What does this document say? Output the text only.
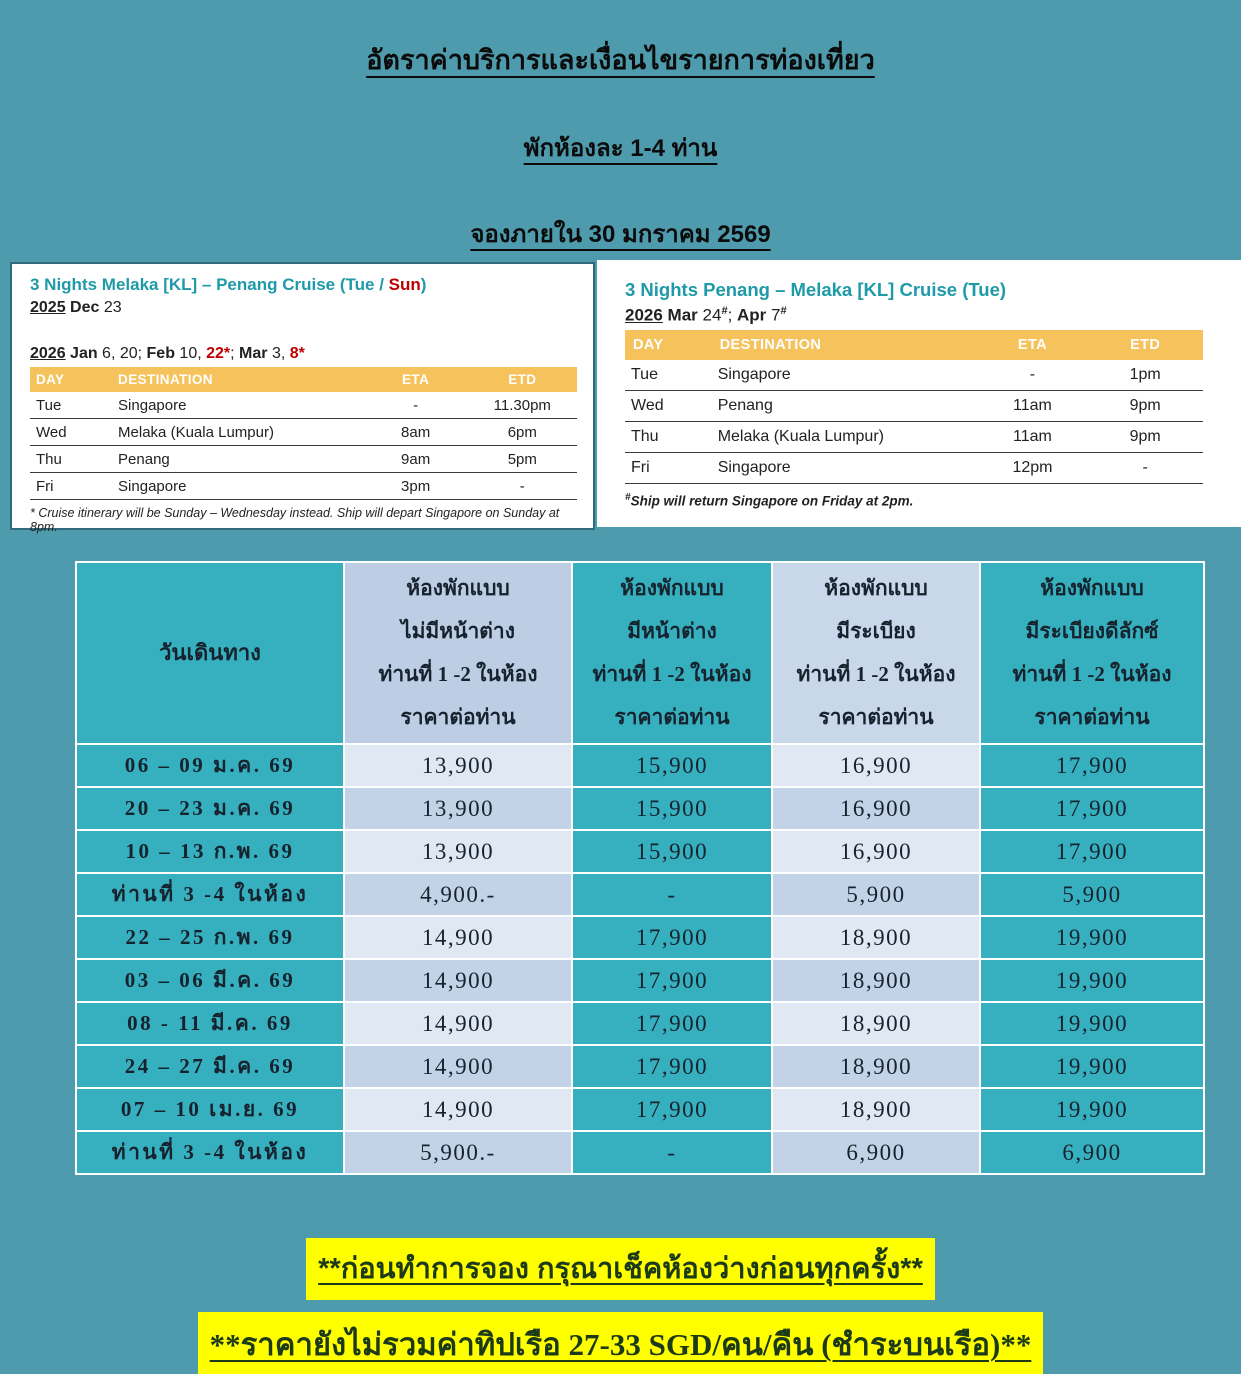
อัตราค่าบริการและเงื่อนไขรายการท่องเที่ยว
พักห้องละ 1-4 ท่าน
จองภายใน 30 มกราคม 2569
3 Nights Melaka [KL] – Penang Cruise (Tue / Sun)
2025 Dec 23
2026 Jan 6, 20; Feb 10, 22*; Mar 3, 8*
DAY	DESTINATION	ETA	ETD
Tue	Singapore	-	11.30pm
Wed	Melaka (Kuala Lumpur)	8am	6pm
Thu	Penang	9am	5pm
Fri	Singapore	3pm	-
* Cruise itinerary will be Sunday – Wednesday instead. Ship will depart Singapore on Sunday at 8pm.
3 Nights Penang – Melaka [KL] Cruise (Tue)
2026 Mar 24#; Apr 7#
DAY	DESTINATION	ETA	ETD
Tue	Singapore	-	1pm
Wed	Penang	11am	9pm
Thu	Melaka (Kuala Lumpur)	11am	9pm
Fri	Singapore	12pm	-
#Ship will return Singapore on Friday at 2pm.
วันเดินทาง
ห้องพักแบบ
ไม่มีหน้าต่าง
ท่านที่ 1 -2 ในห้อง
ราคาต่อท่าน
ห้องพักแบบ
มีหน้าต่าง
ท่านที่ 1 -2 ในห้อง
ราคาต่อท่าน
ห้องพักแบบ
มีระเบียง
ท่านที่ 1 -2 ในห้อง
ราคาต่อท่าน
ห้องพักแบบ
มีระเบียงดีลักซ์
ท่านที่ 1 -2 ในห้อง
ราคาต่อท่าน
06 – 09 ม.ค. 69	13,900	15,900	16,900	17,900
20 – 23 ม.ค. 69	13,900	15,900	16,900	17,900
10 – 13 ก.พ. 69	13,900	15,900	16,900	17,900
ท่านที่ 3 -4 ในห้อง	4,900.-	-	5,900	5,900
22 – 25 ก.พ. 69	14,900	17,900	18,900	19,900
03 – 06 มี.ค. 69	14,900	17,900	18,900	19,900
08 - 11 มี.ค. 69	14,900	17,900	18,900	19,900
24 – 27 มี.ค. 69	14,900	17,900	18,900	19,900
07 – 10 เม.ย. 69	14,900	17,900	18,900	19,900
ท่านที่ 3 -4 ในห้อง	5,900.-	-	6,900	6,900
**ก่อนทำการจอง กรุณาเช็คห้องว่างก่อนทุกครั้ง**
**ราคายังไม่รวมค่าทิปเรือ 27-33 SGD/คน/คืน (ชำระบนเรือ)**
